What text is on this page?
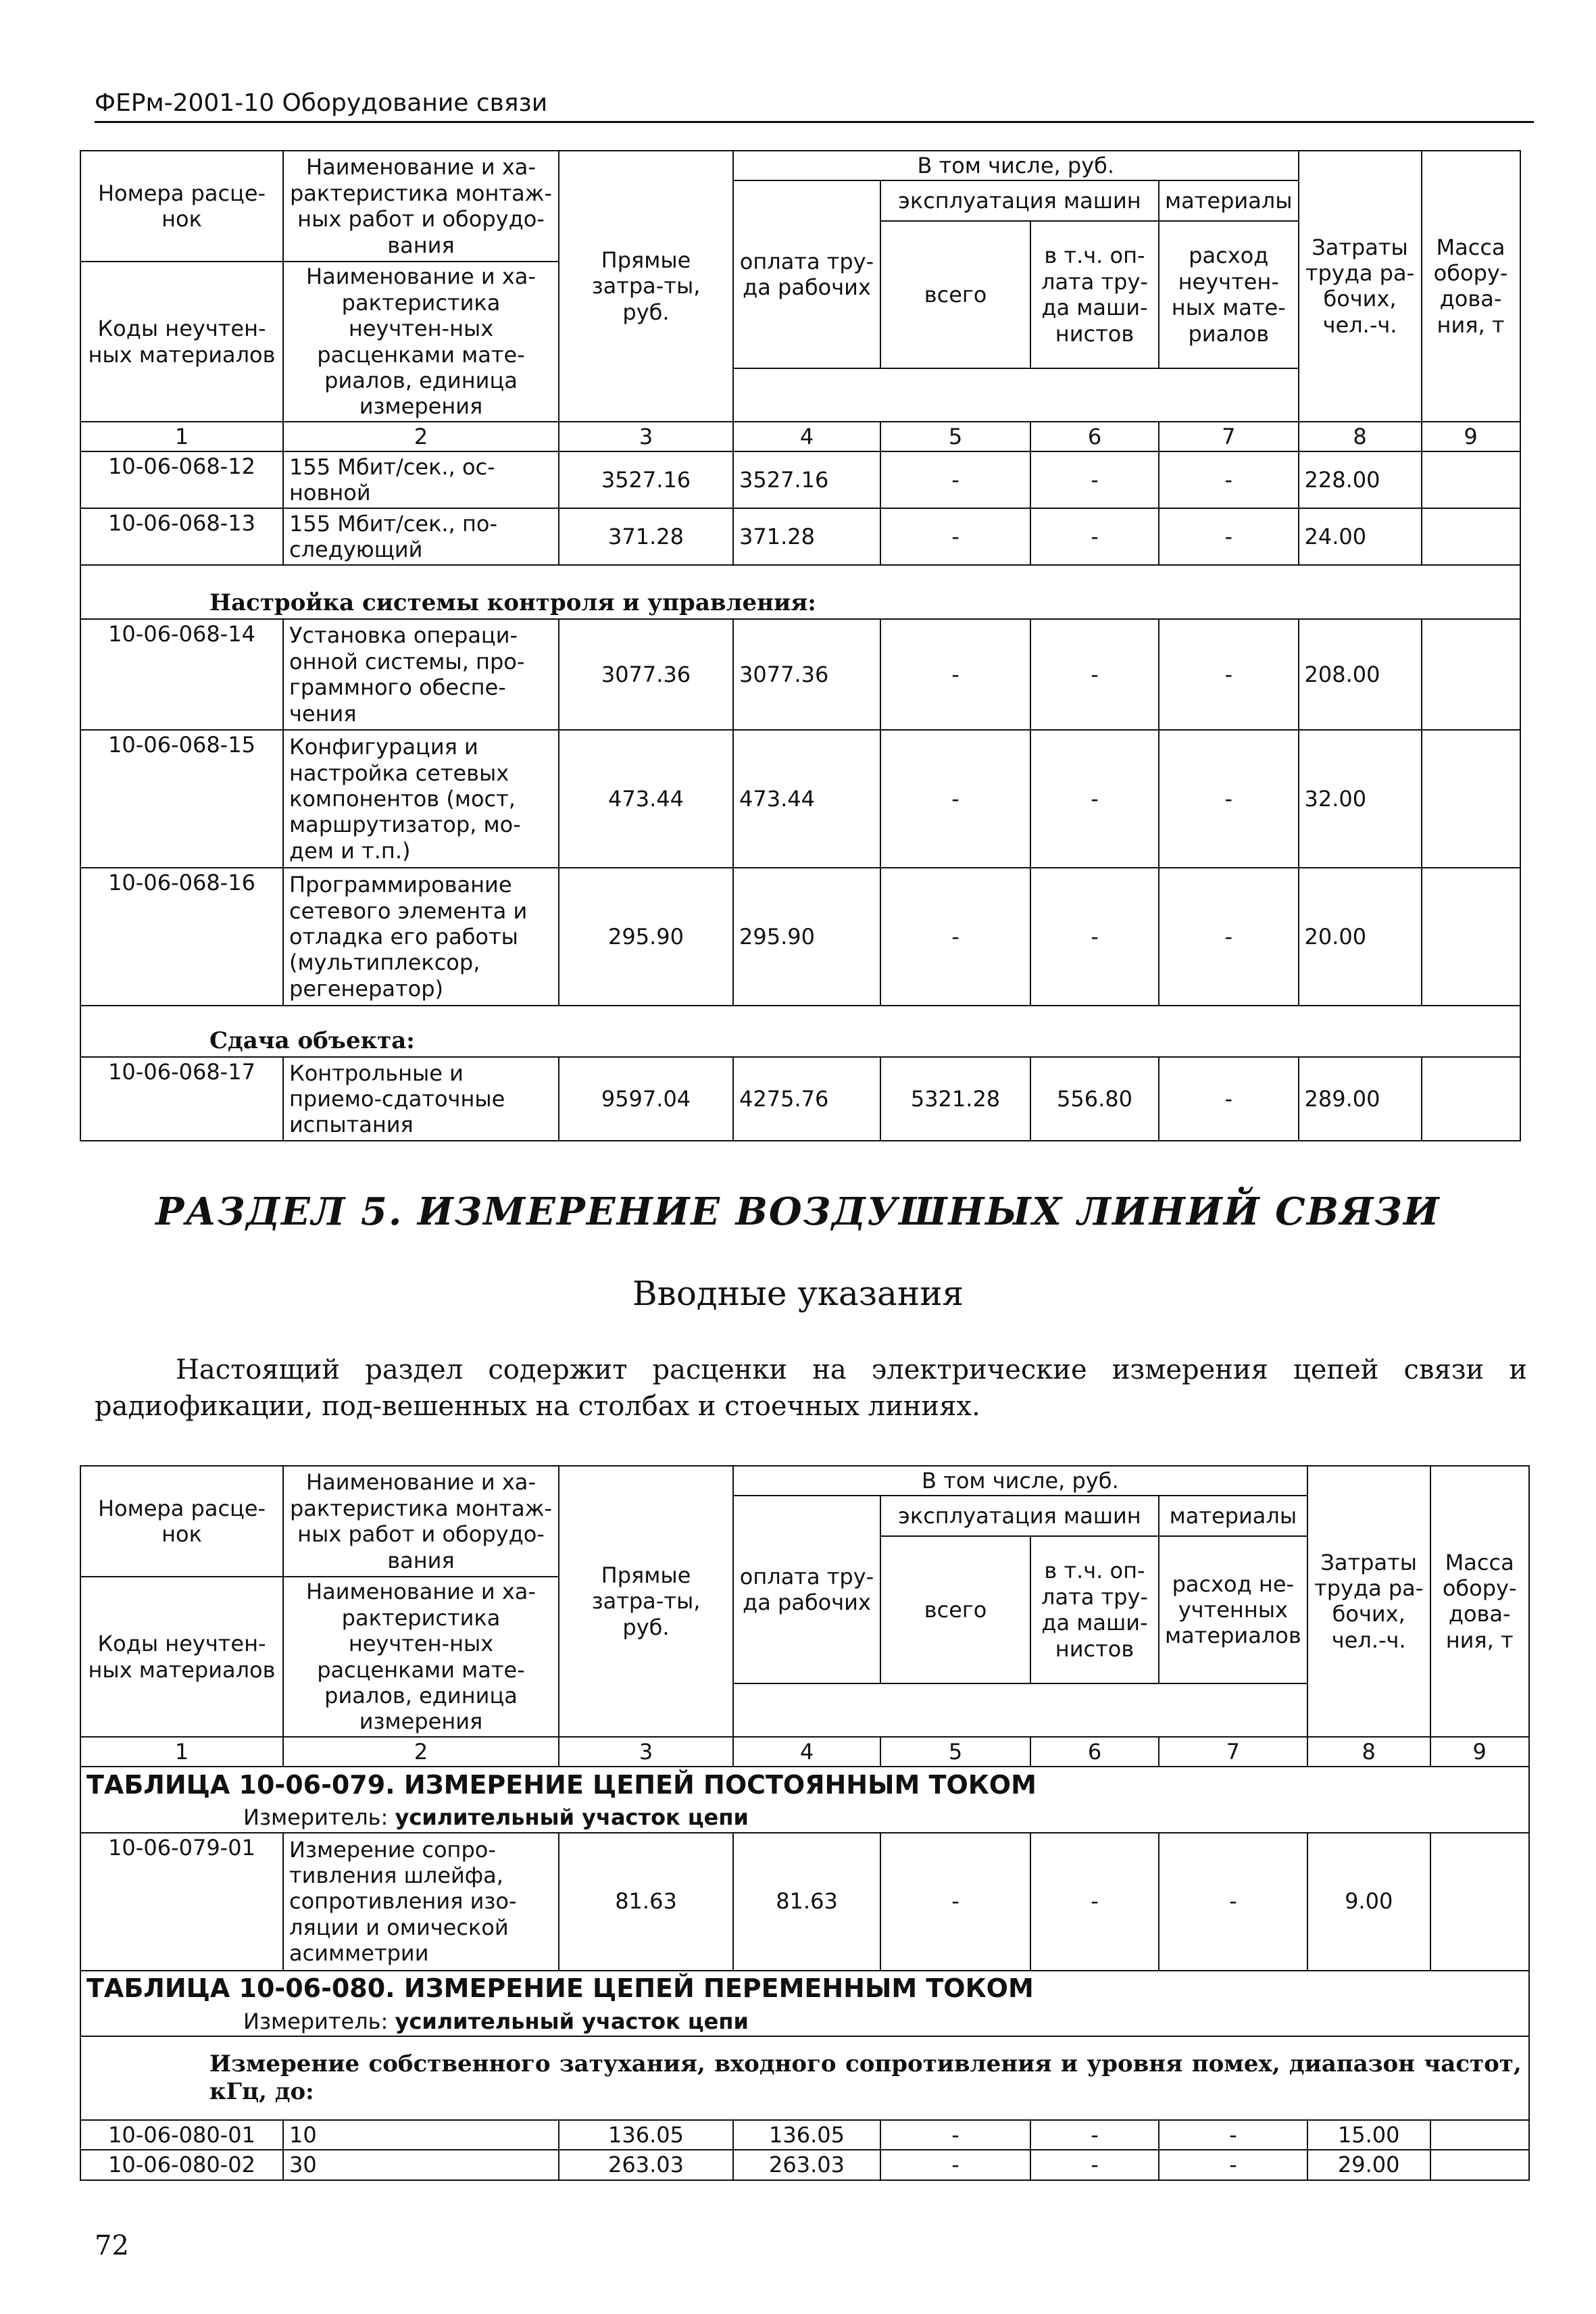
ФЕРм-2001-10 Оборудование связи
Номера расце-нок	Наименование и ха-рактеристика монтаж-ных работ и оборудо-вания	Прямые затра-ты, руб.	В том числе, руб.				Затраты труда ра-бочих, чел.-ч.	Масса обору-дова-ния, т
			оплата тру-да рабочих	эксплуатация машин		материалы		
				всего	в т.ч. оп-лата тру-да маши-нистов	расход неучтен-ных мате-риалов		
Коды неучтен-ных материалов	Наименование и ха-рактеристика неучтен-ных расценками мате-риалов, единица измерения							

1	2	3	4	5	6	7	8	9
10-06-068-12	155 Мбит/сек., ос-новной	3527.16	3527.16	-	-	-	228.00	
10-06-068-13	155 Мбит/сек., по-следующий	371.28	371.28	-	-	-	24.00	
Настройка системы контроля и управления:								
10-06-068-14	Установка операци-онной системы, про-граммного обеспе-чения	3077.36	3077.36	-	-	-	208.00	
10-06-068-15	Конфигурация и настройка сетевых компонентов (мост, маршрутизатор, мо-дем и т.п.)	473.44	473.44	-	-	-	32.00	
10-06-068-16	Программирование сетевого элемента и отладка его работы (мультиплексор, регенератор)	295.90	295.90	-	-	-	20.00	
Сдача объекта:								
10-06-068-17	Контрольные и приемо-сдаточные испытания	9597.04	4275.76	5321.28	556.80	-	289.00	
РАЗДЕЛ 5. ИЗМЕРЕНИЕ ВОЗДУШНЫХ ЛИНИЙ СВЯЗИ
Вводные указания
Настоящий раздел содержит расценки на электрические измерения цепей связи и радиофикации, под-вешенных на столбах и стоечных линиях.
Номера расце-нок	Наименование и ха-рактеристика монтаж-ных работ и оборудо-вания	Прямые затра-ты, руб.	В том числе, руб.				Затраты труда ра-бочих, чел.-ч.	Масса обору-дова-ния, т
			оплата тру-да рабочих	эксплуатация машин		материалы		
				всего	в т.ч. оп-лата тру-да маши-нистов	расход не-учтенных материалов		
Коды неучтен-ных материалов	Наименование и ха-рактеристика неучтен-ных расценками мате-риалов, единица измерения							

1	2	3	4	5	6	7	8	9
ТАБЛИЦА 10-06-079. ИЗМЕРЕНИЕ ЦЕПЕЙ ПОСТОЯННЫМ ТОКОМ								
Измеритель: усилительный участок цепи								
10-06-079-01	Измерение сопро-тивления шлейфа, сопротивления изо-ляции и омической асимметрии	81.63	81.63	-	-	-	9.00	
ТАБЛИЦА 10-06-080. ИЗМЕРЕНИЕ ЦЕПЕЙ ПЕРЕМЕННЫМ ТОКОМ								
Измеритель: усилительный участок цепи								
Измерение собственного затухания, входного сопротивления и уровня помех, диапазон частот, кГц, до:								
10-06-080-01	10	136.05	136.05	-	-	-	15.00	
10-06-080-02	30	263.03	263.03	-	-	-	29.00	
72
